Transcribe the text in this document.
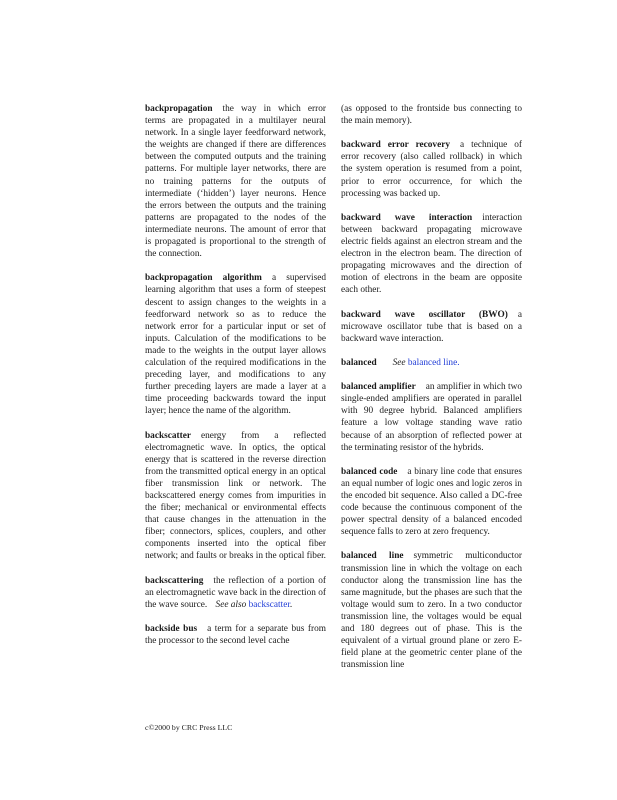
backpropagation the way in which error terms are propagated in a multilayer neural network. In a single layer feedforward network, the weights are changed if there are differences between the computed outputs and the training patterns. For multiple layer networks, there are no training patterns for the outputs of intermediate (‘hidden’) layer neurons. Hence the errors between the outputs and the training patterns are propagated to the nodes of the intermediate neurons. The amount of error that is propagated is proportional to the strength of the connection.

backpropagation algorithm a supervised learning algorithm that uses a form of steepest descent to assign changes to the weights in a feedforward network so as to reduce the network error for a particular input or set of inputs. Calculation of the modifications to be made to the weights in the output layer allows calculation of the required modifications in the preceding layer, and modifications to any further preceding layers are made a layer at a time proceeding backwards toward the input layer; hence the name of the algorithm.

backscatter energy from a reflected electromagnetic wave. In optics, the optical energy that is scattered in the reverse direction from the transmitted optical energy in an optical fiber transmission link or network. The backscattered energy comes from impurities in the fiber; mechanical or environmental effects that cause changes in the attenuation in the fiber; connectors, splices, couplers, and other components inserted into the optical fiber network; and faults or breaks in the optical fiber.

backscattering the reflection of a portion of an electromagnetic wave back in the direction of the wave source. See also backscatter.

backside bus a term for a separate bus from the processor to the second level cache

(as opposed to the frontside bus connecting to the main memory).

backward error recovery a technique of error recovery (also called rollback) in which the system operation is resumed from a point, prior to error occurrence, for which the processing was backed up.

backward wave interaction interaction between backward propagating microwave electric fields against an electron stream and the electron in the electron beam. The direction of propagating microwaves and the direction of motion of electrons in the beam are opposite each other.

backward wave oscillator (BWO) a microwave oscillator tube that is based on a backward wave interaction.

balanced See balanced line.

balanced amplifier an amplifier in which two single-ended amplifiers are operated in parallel with 90 degree hybrid. Balanced amplifiers feature a low voltage standing wave ratio because of an absorption of reflected power at the terminating resistor of the hybrids.

balanced code a binary line code that ensures an equal number of logic ones and logic zeros in the encoded bit sequence. Also called a DC-free code because the continuous component of the power spectral density of a balanced encoded sequence falls to zero at zero frequency.

balanced line symmetric multiconductor transmission line in which the voltage on each conductor along the transmission line has the same magnitude, but the phases are such that the voltage would sum to zero. In a two conductor transmission line, the voltages would be equal and 180 degrees out of phase. This is the equivalent of a virtual ground plane or zero E-field plane at the geometric center plane of the transmission line

c©2000 by CRC Press LLC
